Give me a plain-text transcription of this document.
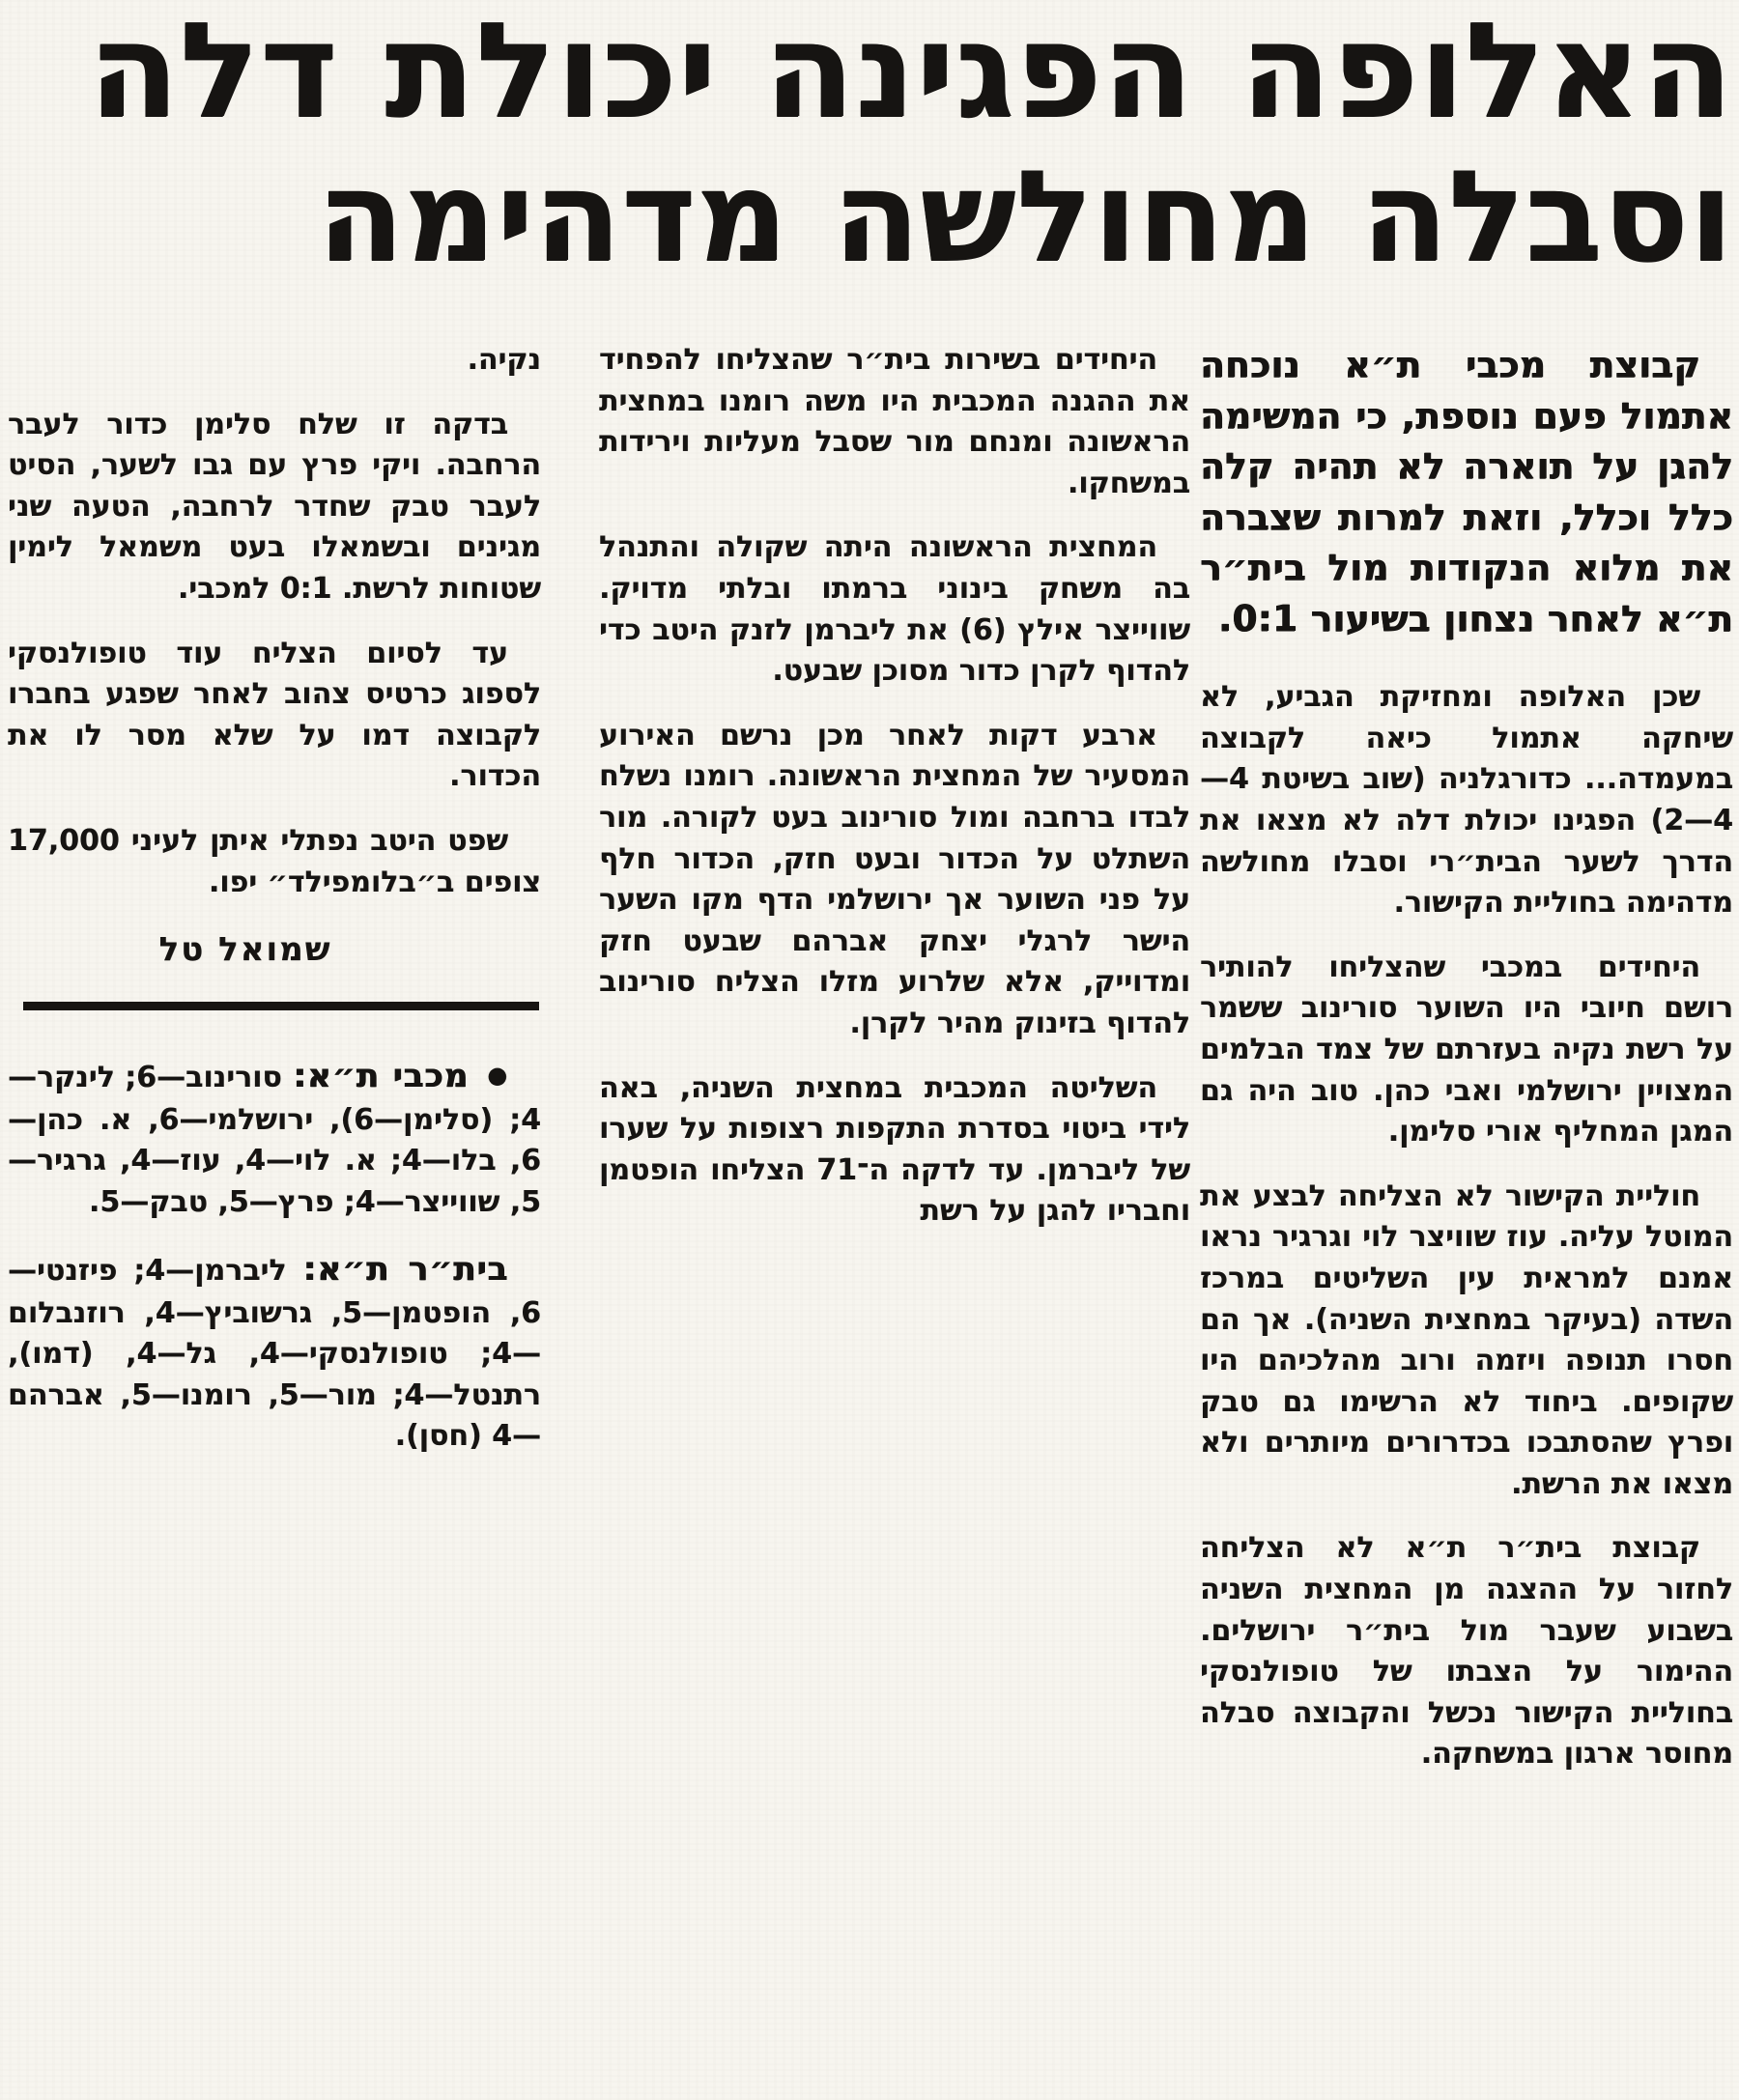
האלופה הפגינה יכולת דלה
וסבלה מחולשה מדהימה

קבוצת מכבי ת״א נוכחה אתמול פעם נוספת, כי המשימה להגן על תוארה לא תהיה קלה כלל וכלל, וזאת למרות שצברה את מלוא הנקודות מול בית״ר ת״א לאחר נצחון בשיעור 0:1.

שכן האלופה ומחזיקת הגביע, לא שיחקה אתמול כיאה לקבוצה במעמדה... כדורגלניה (שוב בשיטת 4—4—2) הפגינו יכולת דלה לא מצאו את הדרך לשער הבית״רי וסבלו מחולשה מדהימה בחוליית הקישור.

היחידים במכבי שהצליחו להותיר רושם חיובי היו השוער סורינוב ששמר על רשת נקיה בעזרתם של צמד הבלמים המצויין ירושלמי ואבי כהן. טוב היה גם המגן המחליף אורי סלימן.

חוליית הקישור לא הצליחה לבצע את המוטל עליה. עוז שוויצר לוי וגרגיר נראו אמנם למראית עין השליטים במרכז השדה (בעיקר במחצית השניה). אך הם חסרו תנופה ויזמה ורוב מהלכיהם היו שקופים. ביחוד לא הרשימו גם טבק ופרץ שהסתבכו בכדרורים מיותרים ולא מצאו את הרשת.

קבוצת בית״ר ת״א לא הצליחה לחזור על ההצגה מן המחצית השניה בשבוע שעבר מול בית״ר ירושלים. ההימור על הצבתו של טופולנסקי בחוליית הקישור נכשל והקבוצה סבלה מחוסר ארגון במשחקה.

היחידים בשירות בית״ר שהצליחו להפחיד את ההגנה המכבית היו משה רומנו במחצית הראשונה ומנחם מור שסבל מעליות וירידות במשחקו.

המחצית הראשונה היתה שקולה והתנהל בה משחק בינוני ברמתו ובלתי מדויק. שווייצר אילץ (6) את ליברמן לזנק היטב כדי להדוף לקרן כדור מסוכן שבעט.

ארבע דקות לאחר מכן נרשם האירוע המסעיר של המחצית הראשונה. רומנו נשלח לבדו ברחבה ומול סורינוב בעט לקורה. מור השתלט על הכדור ובעט חזק, הכדור חלף על פני השוער אך ירושלמי הדף מקו השער הישר לרגלי יצחק אברהם שבעט חזק ומדוייק, אלא שלרוע מזלו הצליח סורינוב להדוף בזינוק מהיר לקרן.

השליטה המכבית במחצית השניה, באה לידי ביטוי בסדרת התקפות רצופות על שערו של ליברמן. עד לדקה ה־71 הצליחו הופטמן וחבריו להגן על רשת

נקיה.

בדקה זו שלח סלימן כדור לעבר הרחבה. ויקי פרץ עם גבו לשער, הסיט לעבר טבק שחדר לרחבה, הטעה שני מגינים ובשמאלו בעט משמאל לימין שטוחות לרשת. 0:1 למכבי.

עד לסיום הצליח עוד טופולנסקי לספוג כרטיס צהוב לאחר שפגע בחברו לקבוצה דמו על שלא מסר לו את הכדור.

שפט היטב נפתלי איתן לעיני 17,000 צופים ב״בלומפילד״ יפו.

שמואל טל

● מכבי ת״א: סורינוב—6; לינקר—4; (סלימן—6), ירושלמי—6, א. כהן—6, בלו—4; א. לוי—4, עוז—4, גרגיר—5, שווייצר—4; פרץ—5, טבק—5.

בית״ר ת״א: ליברמן—4; פיזנטי—6, הופטמן—5, גרשוביץ—4, רוזנבלום—4; טופולנסקי—4, גל—4, (דמו), רתנטל—4; מור—5, רומנו—5, אברהם—4 (חסן).
